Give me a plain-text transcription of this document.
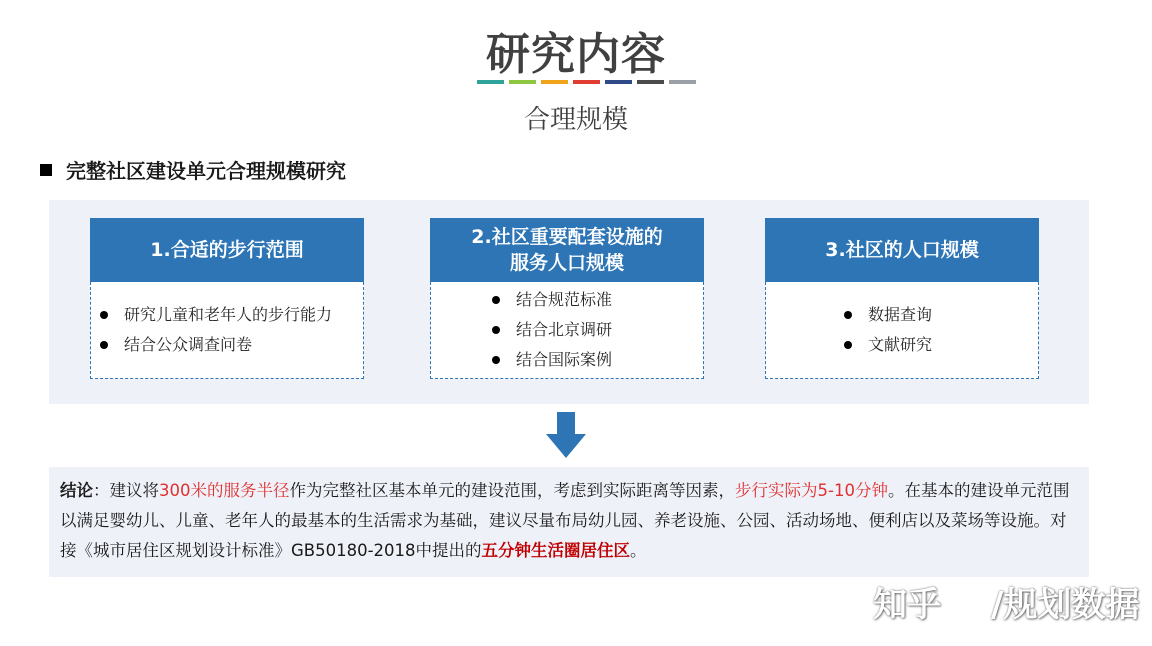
研究内容
合理规模
完整社区建设单元合理规模研究
1.合适的步行范围
研究儿童和老年人的步行能力
结合公众调查问卷
2.社区重要配套设施的
服务人口规模
结合规范标准
结合北京调研
结合国际案例
3.社区的人口规模
数据查询
文献研究
结论：建议将300米的服务半径作为完整社区基本单元的建设范围，考虑到实际距离等因素，步行实际为5-10分钟。在基本的建设单元范围以满足婴幼儿、儿童、老年人的最基本的生活需求为基础，建议尽量布局幼儿园、养老设施、公园、活动场地、便利店以及菜场等设施。对接《城市居住区规划设计标准》GB50180-2018中提出的五分钟生活圈居住区。
知乎 /规划数据
